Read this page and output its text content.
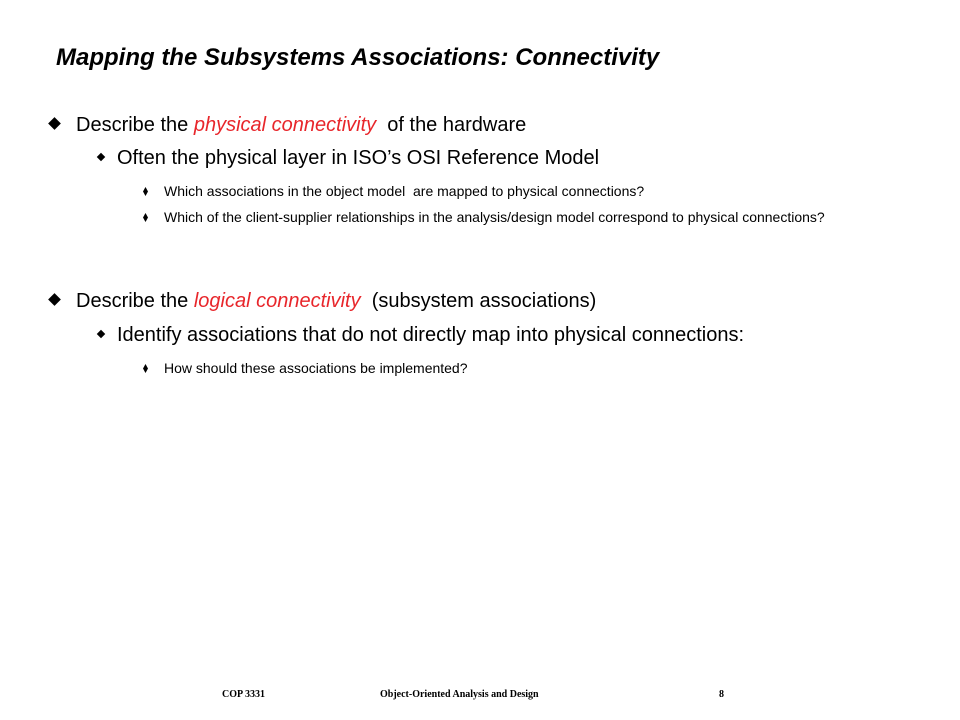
Mapping the Subsystems Associations: Connectivity
Describe the physical connectivity  of the hardware
Often the physical layer in ISO’s OSI Reference Model
Which associations in the object model  are mapped to physical connections?
Which of the client-supplier relationships in the analysis/design model correspond to physical connections?
Describe the logical connectivity  (subsystem associations)
Identify associations that do not directly map into physical connections:
How should these associations be implemented?
COP 3331	Object-Oriented Analysis and Design	8
